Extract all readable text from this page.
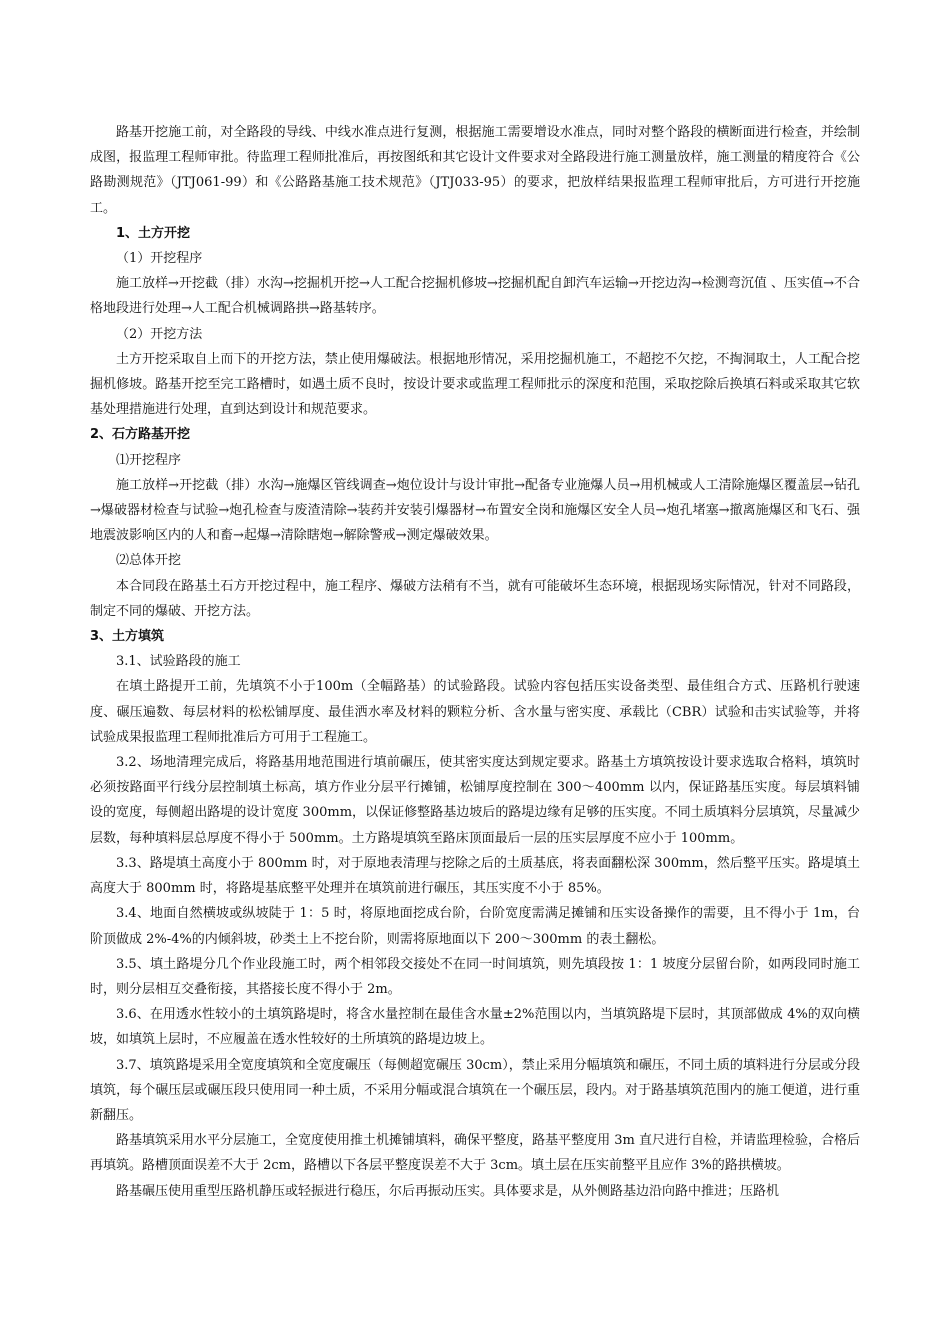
路基开挖施工前，对全路段的导线、中线水准点进行复测，根据施工需要增设水准点，同时对整个路段的横断面进行检查，并绘制成图，报监理工程师审批。待监理工程师批准后，再按图纸和其它设计文件要求对全路段进行施工测量放样，施工测量的精度符合《公路勘测规范》（JTJ061-99）和《公路路基施工技术规范》（JTJ033-95）的要求，把放样结果报监理工程师审批后，方可进行开挖施工。

1、土方开挖

（1）开挖程序

施工放样→开挖截（排）水沟→挖掘机开挖→人工配合挖掘机修坡→挖掘机配自卸汽车运输→开挖边沟→检测弯沉值 、压实值→不合格地段进行处理→人工配合机械调路拱→路基转序。

（2）开挖方法

土方开挖采取自上而下的开挖方法，禁止使用爆破法。根据地形情况，采用挖掘机施工，不超挖不欠挖，不掏洞取土，人工配合挖掘机修坡。路基开挖至完工路槽时，如遇土质不良时，按设计要求或监理工程师批示的深度和范围，采取挖除后换填石料或采取其它软基处理措施进行处理，直到达到设计和规范要求。

2、石方路基开挖

⑴开挖程序

施工放样→开挖截（排）水沟→施爆区管线调查→炮位设计与设计审批→配备专业施爆人员→用机械或人工清除施爆区覆盖层→钻孔→爆破器材检查与试验→炮孔检查与废渣清除→装药并安装引爆器材→布置安全岗和施爆区安全人员→炮孔堵塞→撤离施爆区和飞石、强地震波影响区内的人和畜→起爆→清除瞎炮→解除警戒→测定爆破效果。

⑵总体开挖

本合同段在路基土石方开挖过程中，施工程序、爆破方法稍有不当，就有可能破坏生态环境，根据现场实际情况，针对不同路段，制定不同的爆破、开挖方法。

3、土方填筑

3.1、试验路段的施工

在填土路提开工前，先填筑不小于100m（全幅路基）的试验路段。试验内容包括压实设备类型、最佳组合方式、压路机行驶速度、碾压遍数、每层材料的松松铺厚度、最佳洒水率及材料的颗粒分析、含水量与密实度、承载比（CBR）试验和击实试验等，并将试验成果报监理工程师批准后方可用于工程施工。

3.2、场地清理完成后，将路基用地范围进行填前碾压，使其密实度达到规定要求。路基土方填筑按设计要求选取合格料，填筑时必须按路面平行线分层控制填土标高，填方作业分层平行摊铺，松铺厚度控制在 300～400mm 以内，保证路基压实度。每层填料铺设的宽度，每侧超出路堤的设计宽度 300mm，以保证修整路基边坡后的路堤边缘有足够的压实度。不同土质填料分层填筑，尽量减少层数，每种填料层总厚度不得小于 500mm。土方路堤填筑至路床顶面最后一层的压实层厚度不应小于 100mm。

3.3、路堤填土高度小于 800mm 时，对于原地表清理与挖除之后的土质基底，将表面翻松深 300mm，然后整平压实。路堤填土高度大于 800mm 时，将路堤基底整平处理并在填筑前进行碾压，其压实度不小于 85%。

3.4、地面自然横坡或纵坡陡于 1：5 时，将原地面挖成台阶，台阶宽度需满足摊铺和压实设备操作的需要，且不得小于 1m，台阶顶做成 2%-4%的内倾斜坡，砂类土上不挖台阶，则需将原地面以下 200～300mm 的表土翻松。

3.5、填土路堤分几个作业段施工时，两个相邻段交接处不在同一时间填筑，则先填段按 1：1 坡度分层留台阶，如两段同时施工时，则分层相互交叠衔接，其搭接长度不得小于 2m。

3.6、在用透水性较小的土填筑路堤时，将含水量控制在最佳含水量±2%范围以内，当填筑路堤下层时，其顶部做成 4%的双向横坡，如填筑上层时，不应履盖在透水性较好的土所填筑的路堤边坡上。

3.7、填筑路堤采用全宽度填筑和全宽度碾压（每侧超宽碾压 30cm），禁止采用分幅填筑和碾压，不同土质的填料进行分层或分段填筑，每个碾压层或碾压段只使用同一种土质，不采用分幅或混合填筑在一个碾压层，段内。对于路基填筑范围内的施工便道，进行重新翻压。

路基填筑采用水平分层施工，全宽度使用推土机摊铺填料，确保平整度，路基平整度用 3m 直尺进行自检，并请监理检验，合格后再填筑。路槽顶面误差不大于 2cm，路槽以下各层平整度误差不大于 3cm。填土层在压实前整平且应作 3%的路拱横坡。

路基碾压使用重型压路机静压或轻振进行稳压，尔后再振动压实。具体要求是，从外侧路基边沿向路中推进；压路机
